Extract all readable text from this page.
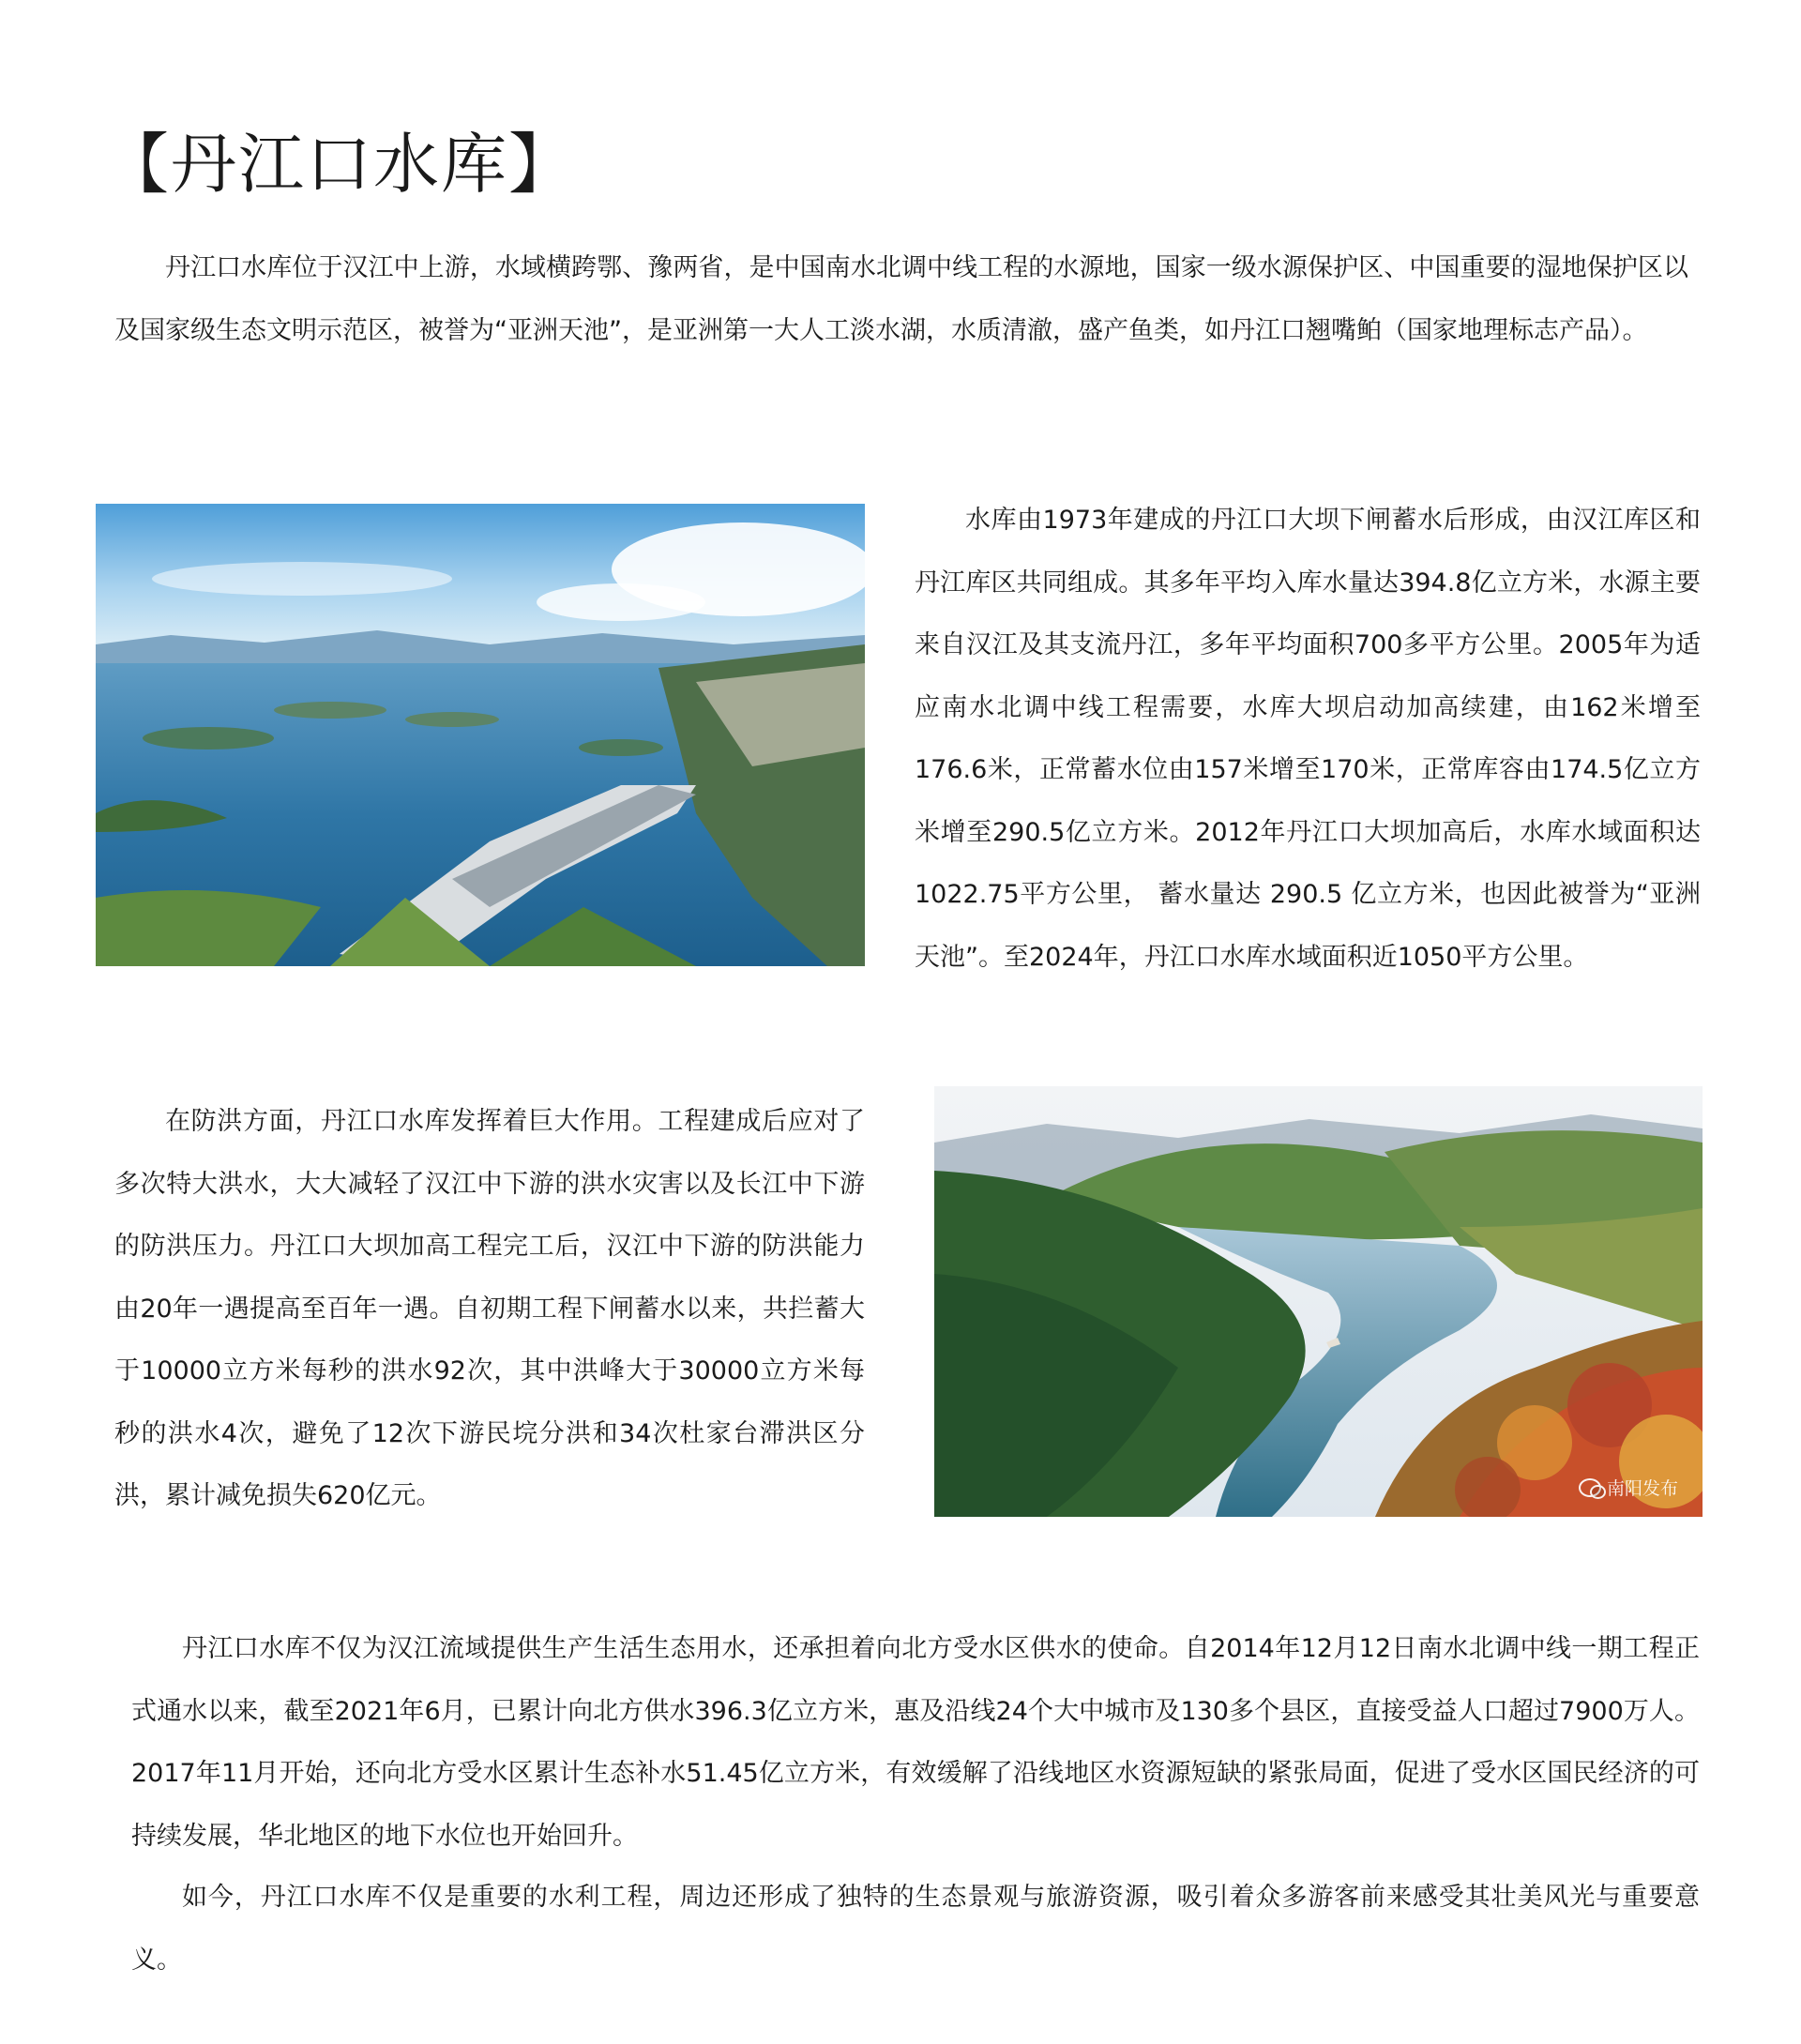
【丹江口水库】

丹江口水库位于汉江中上游，水域横跨鄂、豫两省，是中国南水北调中线工程的水源地，国家一级水源保护区、中国重要的湿地保护区以及国家级生态文明示范区，被誉为“亚洲天池”，是亚洲第一大人工淡水湖，水质清澈，盛产鱼类，如丹江口翘嘴鲌（国家地理标志产品）。

水库由1973年建成的丹江口大坝下闸蓄水后形成，由汉江库区和丹江库区共同组成。其多年平均入库水量达394.8亿立方米，水源主要来自汉江及其支流丹江，多年平均面积700多平方公里。2005年为适应南水北调中线工程需要，水库大坝启动加高续建，由162米增至176.6米，正常蓄水位由157米增至170米，正常库容由174.5亿立方米增至290.5亿立方米。2012年丹江口大坝加高后，水库水域面积达1022.75平方公里， 蓄水量达 290.5 亿立方米，也因此被誉为“亚洲天池”。至2024年，丹江口水库水域面积近1050平方公里。

在防洪方面，丹江口水库发挥着巨大作用。工程建成后应对了多次特大洪水，大大减轻了汉江中下游的洪水灾害以及长江中下游的防洪压力。丹江口大坝加高工程完工后，汉江中下游的防洪能力由20年一遇提高至百年一遇。自初期工程下闸蓄水以来，共拦蓄大于10000立方米每秒的洪水92次，其中洪峰大于30000立方米每秒的洪水4次，避免了12次下游民垸分洪和34次杜家台滞洪区分洪，累计减免损失620亿元。	南阳发布

丹江口水库不仅为汉江流域提供生产生活生态用水，还承担着向北方受水区供水的使命。自2014年12月12日南水北调中线一期工程正式通水以来，截至2021年6月，已累计向北方供水396.3亿立方米，惠及沿线24个大中城市及130多个县区，直接受益人口超过7900万人。2017年11月开始，还向北方受水区累计生态补水51.45亿立方米，有效缓解了沿线地区水资源短缺的紧张局面，促进了受水区国民经济的可持续发展，华北地区的地下水位也开始回升。

如今，丹江口水库不仅是重要的水利工程，周边还形成了独特的生态景观与旅游资源，吸引着众多游客前来感受其壮美风光与重要意义。
